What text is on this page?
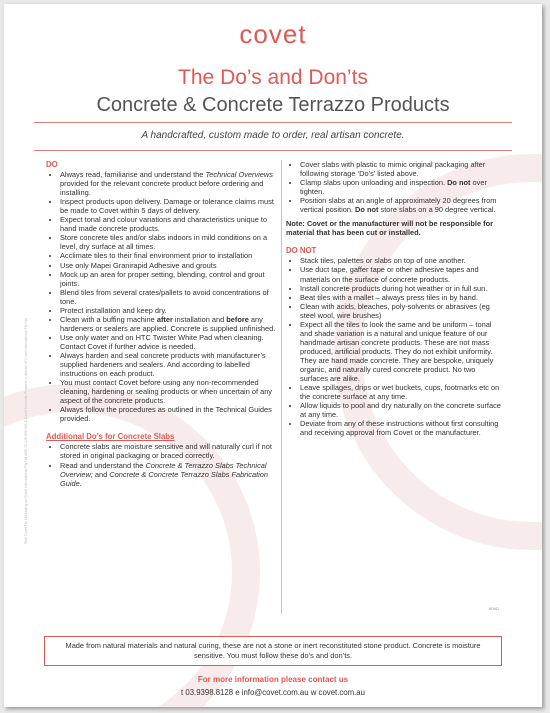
covet
The Do’s and Don’ts
Concrete & Concrete Terrazzo Products
A handcrafted, custom made to order, real artisan concrete.
Wall Covet Pty Ltd trading as Covet International Pty Ltd ABN 76 135 836 926 & Covet Concrete Products a division of Covet International Pty Ltd
DO
• Always read, familiarise and understand the Technical Overviews provided for the relevant concrete product before ordering and installing.
• Inspect products upon delivery. Damage or tolerance claims must be made to Covet within 5 days of delivery.
• Expect tonal and colour variations and characteristics unique to hand made concrete products.
• Store concrete tiles and/or slabs indoors in mild conditions on a level, dry surface at all times.
• Acclimate tiles to their final environment prior to installation
• Use only Mapei Granirapid Adhesive and grouts
• Mock up an area for proper setting, blending, control and grout joints.
• Blend tiles from several crates/pallets to avoid concentrations of tone.
• Protect installation and keep dry.
• Clean with a buffing machine after installation and before any hardeners or sealers are applied. Concrete is supplied unfinished.
• Use only water and on HTC Twister White Pad when cleaning. Contact Covet if further advice is needed.
• Always harden and seal concrete products with manufacturer’s supplied hardeners and sealers. And according to labelled instructions on each product.
• You must contact Covet before using any non-recommended cleaning, hardening or sealing products or when uncertain of any aspect of the concrete products.
• Always follow the procedures as outlined in the Technical Guides provided.
Additional Do’s for Concrete Slabs
• Concrete slabs are moisture sensitive and will naturally curl if not stored in original packaging or braced correctly.
• Read and understand the Concrete & Terrazzo Slabs Technical Overview; and Concrete & Concrete Terrazzo Slabs Fabrication Guide.
• Cover slabs with plastic to mimic original packaging after following storage ‘Do’s’ listed above.
• Clamp slabs upon unloading and inspection. Do not over tighten.
• Position slabs at an angle of approximately 20 degrees from vertical position. Do not store slabs on a 90 degree vertical.
Note: Covet or the manufacturer will not be responsible for material that has been cut or installed.
DO NOT
• Stack tiles, palettes or slabs on top of one another.
• Use duct tape, gaffer tape or other adhesive tapes and materials on the surface of concrete products.
• Install concrete products during hot weather or in full sun.
• Beat tiles with a mallet – always press tiles in by hand.
• Clean with acids, bleaches, poly-solvents or abrasives (eg steel wool, wire brushes)
• Expect all the tiles to look the same and be uniform – tonal and shade variation is a natural and unique feature of our handmade artisan concrete products. These are not mass produced, artificial products. They do not exhibit uniformity. They are hand made concrete. They are bespoke, uniquely organic, and naturally cured concrete product. No two surfaces are alike.
• Leave spillages, drips or wet buckets, cups, footmarks etc on the concrete surface at any time.
• Allow liquids to pool and dry naturally on the concrete surface at any time.
• Deviate from any of these instructions without first consulting and receiving approval from Covet or the manufacturer.
IENO
Made from natural materials and natural curing, these are not a stone or inert reconstituted stone product. Concrete is moisture sensitive. You must follow these do’s and don’ts.
For more information please contact us
t 03.9398.8128 e info@covet.com.au w covet.com.au
